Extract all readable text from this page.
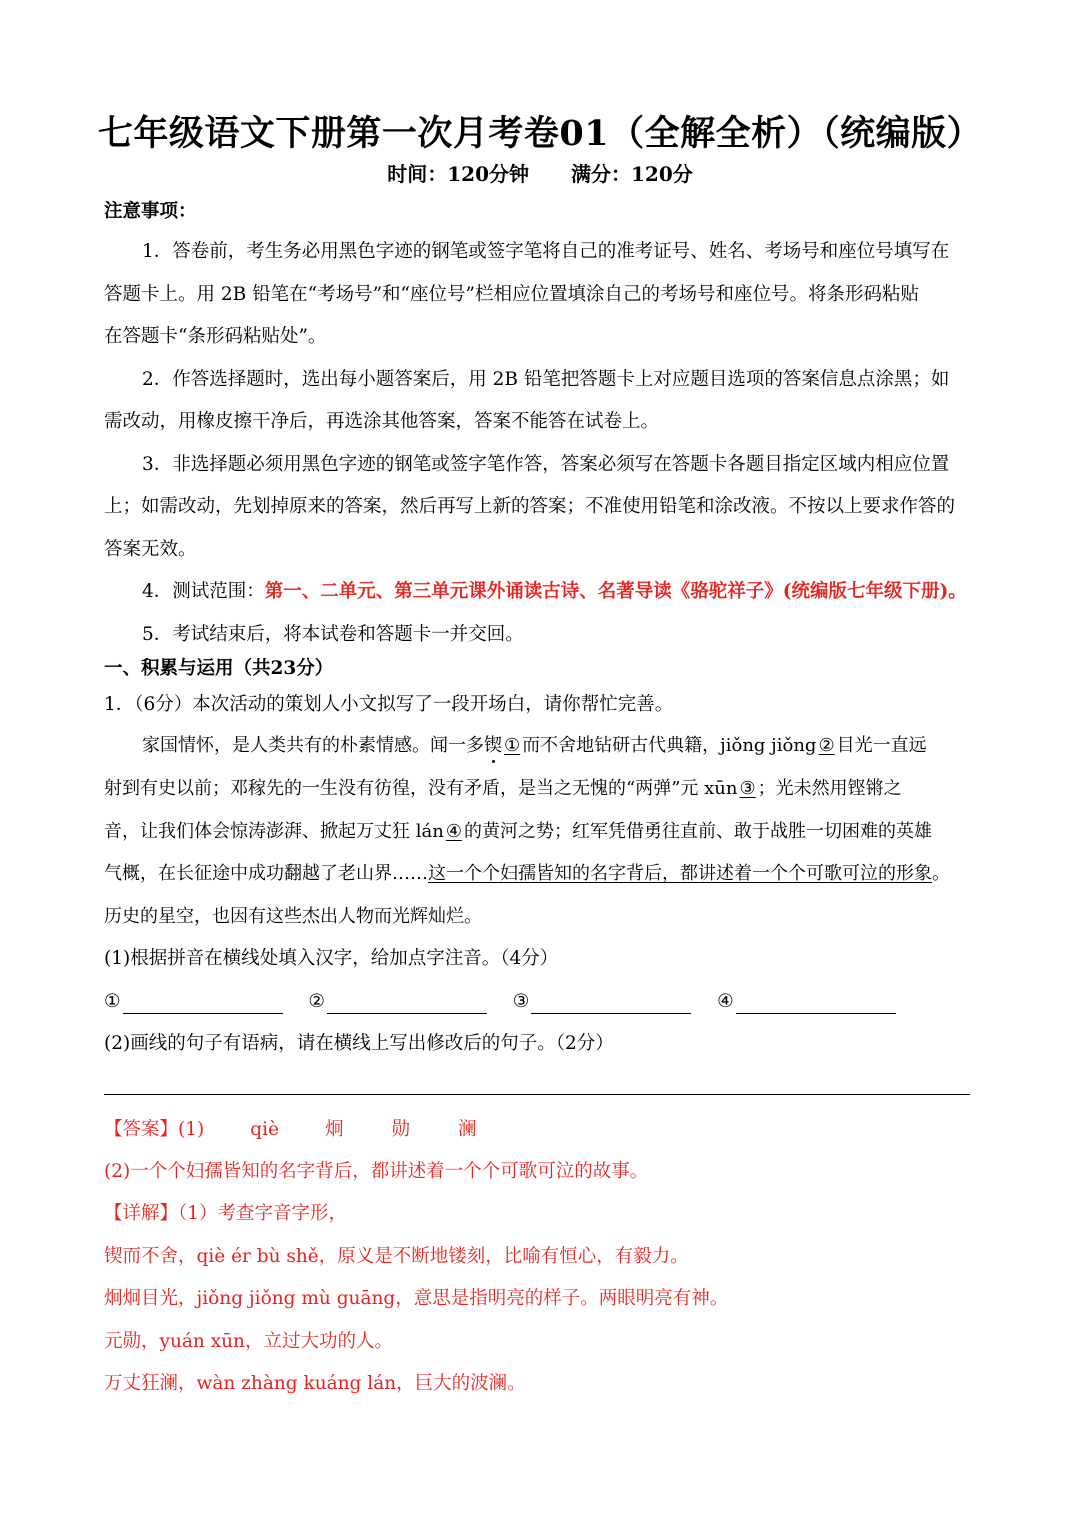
七年级语文下册第一次月考卷01（全解全析）（统编版）
时间：120分钟 满分：120分
注意事项：
1．答卷前，考生务必用黑色字迹的钢笔或签字笔将自己的准考证号、姓名、考场号和座位号填写在
答题卡上。用 2B 铅笔在“考场号”和“座位号”栏相应位置填涂自己的考场号和座位号。将条形码粘贴
在答题卡“条形码粘贴处”。
2．作答选择题时，选出每小题答案后，用 2B 铅笔把答题卡上对应题目选项的答案信息点涂黑；如
需改动，用橡皮擦干净后，再选涂其他答案，答案不能答在试卷上。
3．非选择题必须用黑色字迹的钢笔或签字笔作答，答案必须写在答题卡各题目指定区域内相应位置
上；如需改动，先划掉原来的答案，然后再写上新的答案；不准使用铅笔和涂改液。不按以上要求作答的
答案无效。
4．测试范围：第一、二单元、第三单元课外诵读古诗、名著导读《骆驼祥子》(统编版七年级下册)。
5．考试结束后，将本试卷和答题卡一并交回。
一、积累与运用（共23分）
1．（6分）本次活动的策划人小文拟写了一段开场白，请你帮忙完善。
家国情怀，是人类共有的朴素情感。闻一多锲 ① 而不舍地钻研古代典籍，jiǒng jiǒng ② 目光一直远
射到有史以前；邓稼先的一生没有彷徨，没有矛盾，是当之无愧的“两弹”元 xūn ③ ；光未然用铿锵之
音，让我们体会惊涛澎湃、掀起万丈狂 lán ④ 的黄河之势；红军凭借勇往直前、敢于战胜一切困难的英雄
气概，在长征途中成功翻越了老山界……这一个个妇孺皆知的名字背后，都讲述着一个个可歌可泣的形象。
历史的星空，也因有这些杰出人物而光辉灿烂。
(1)根据拼音在横线处填入汉字，给加点字注音。（4分）
①	②	③	④
(2)画线的句子有语病，请在横线上写出修改后的句子。（2分）
【答案】(1) qiè 炯	勋	澜
(2)一个个妇孺皆知的名字背后，都讲述着一个个可歌可泣的故事。
【详解】（1）考查字音字形，
锲而不舍，qiè ér bù shě，原义是不断地镂刻，比喻有恒心，有毅力。
炯炯目光，jiǒng jiǒng mù guāng，意思是指明亮的样子。两眼明亮有神。
元勋，yuán xūn，立过大功的人。
万丈狂澜，wàn zhàng kuáng lán，巨大的波澜。
